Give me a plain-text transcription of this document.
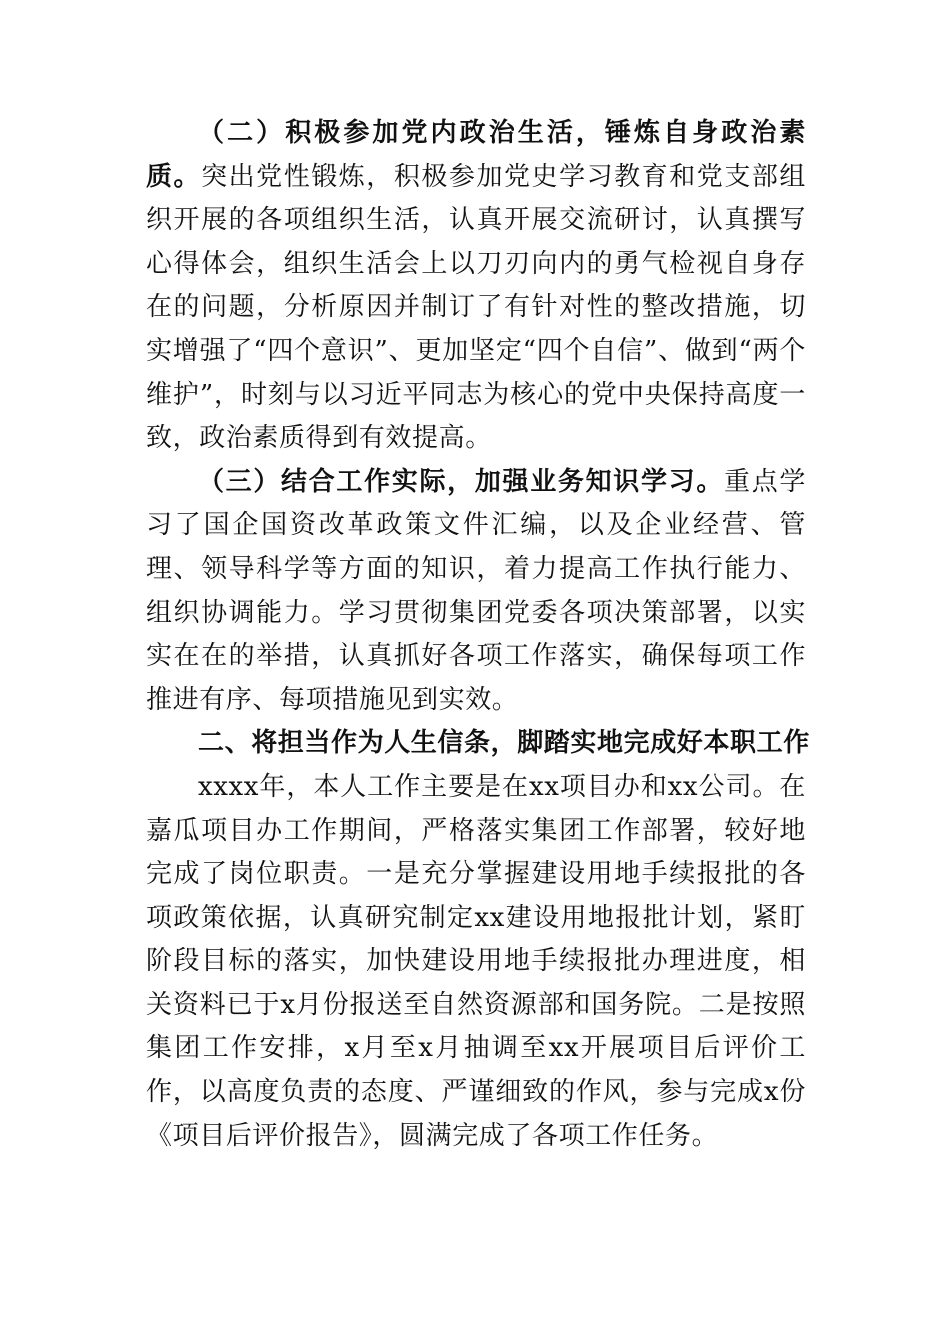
（二）积极参加党内政治生活，锤炼自身政治素质。突出党性锻炼，积极参加党史学习教育和党支部组织开展的各项组织生活，认真开展交流研讨，认真撰写心得体会，组织生活会上以刀刃向内的勇气检视自身存在的问题，分析原因并制订了有针对性的整改措施，切实增强了“四个意识”、更加坚定“四个自信”、做到“两个维护”，时刻与以习近平同志为核心的党中央保持高度一致，政治素质得到有效提高。

（三）结合工作实际，加强业务知识学习。重点学习了国企国资改革政策文件汇编，以及企业经营、管理、领导科学等方面的知识，着力提高工作执行能力、组织协调能力。学习贯彻集团党委各项决策部署，以实实在在的举措，认真抓好各项工作落实，确保每项工作推进有序、每项措施见到实效。

二、将担当作为人生信条，脚踏实地完成好本职工作

xxxx年，本人工作主要是在xx项目办和xx公司。在嘉瓜项目办工作期间，严格落实集团工作部署，较好地完成了岗位职责。一是充分掌握建设用地手续报批的各项政策依据，认真研究制定xx建设用地报批计划，紧盯阶段目标的落实，加快建设用地手续报批办理进度，相关资料已于x月份报送至自然资源部和国务院。二是按照集团工作安排，x月至x月抽调至xx开展项目后评价工作，以高度负责的态度、严谨细致的作风，参与完成x份《项目后评价报告》，圆满完成了各项工作任务。
